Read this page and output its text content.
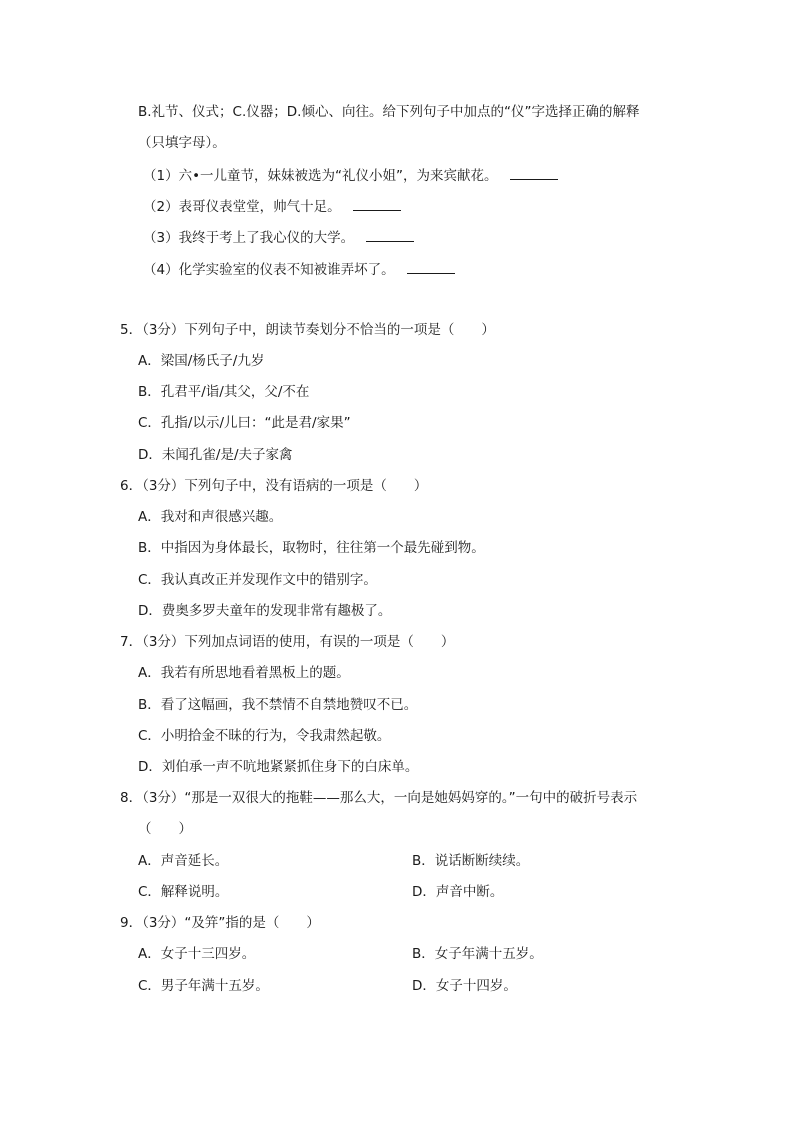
B.礼节、仪式；C.仪器；D.倾心、向往。给下列句子中加点的“仪”字选择正确的解释
（只填字母）。
（1）六•一儿童节，妹妹被选为“礼仪小姐”，为来宾献花。
（2）表哥仪表堂堂，帅气十足。
（3）我终于考上了我心仪的大学。
（4）化学实验室的仪表不知被谁弄坏了。
5．（3分）下列句子中，朗读节奏划分不恰当的一项是（　　）
A．梁国/杨氏子/九岁
B．孔君平/诣/其父，父/不在
C．孔指/以示/儿曰：“此是君/家果”
D．未闻孔雀/是/夫子家禽
6．（3分）下列句子中，没有语病的一项是（　　）
A．我对和声很感兴趣。
B．中指因为身体最长，取物时，往往第一个最先碰到物。
C．我认真改正并发现作文中的错别字。
D．费奥多罗夫童年的发现非常有趣极了。
7．（3分）下列加点词语的使用，有误的一项是（　　）
A．我若有所思地看着黑板上的题。
B．看了这幅画，我不禁情不自禁地赞叹不已。
C．小明拾金不昧的行为，令我肃然起敬。
D．刘伯承一声不吭地紧紧抓住身下的白床单。
8．（3分）“那是一双很大的拖鞋——那么大，一向是她妈妈穿的。”一句中的破折号表示
（　　）
A．声音延长。	B．说话断断续续。
C．解释说明。	D．声音中断。
9．（3分）“及笄”指的是（　　）
A．女子十三四岁。	B．女子年满十五岁。
C．男子年满十五岁。	D．女子十四岁。
